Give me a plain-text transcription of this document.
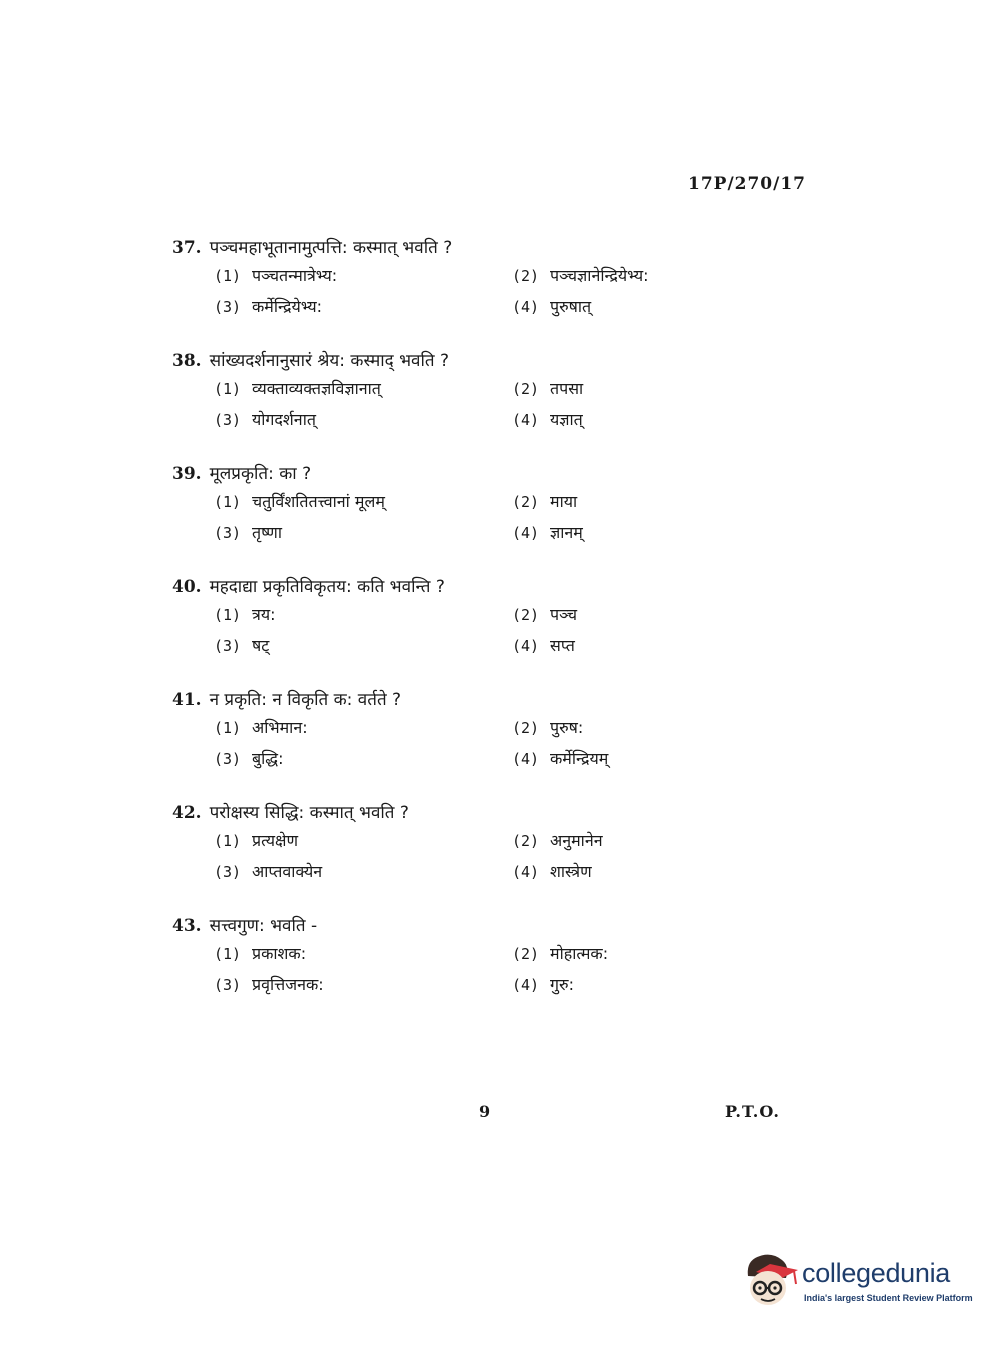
17P/270/17
37. पञ्चमहाभूतानामुत्पत्ति: कस्मात् भवति ?
(1) पञ्चतन्मात्रेभ्य:	(2) पञ्चज्ञानेन्द्रियेभ्य:
(3) कर्मेन्द्रियेभ्य:	(4) पुरुषात्
38. सांख्यदर्शनानुसारं श्रेय: कस्माद् भवति ?
(1) व्यक्ताव्यक्तज्ञविज्ञानात्	(2) तपसा
(3) योगदर्शनात्	(4) यज्ञात्
39. मूलप्रकृति: का ?
(1) चतुर्विंशतितत्त्वानां मूलम्	(2) माया
(3) तृष्णा	(4) ज्ञानम्
40. महदाद्या प्रकृतिविकृतय: कति भवन्ति ?
(1) त्रय:	(2) पञ्च
(3) षट्	(4) सप्त
41. न प्रकृति: न विकृति क: वर्तते ?
(1) अभिमान:	(2) पुरुष:
(3) बुद्धि:	(4) कर्मेन्द्रियम्
42. परोक्षस्य सिद्धि: कस्मात् भवति ?
(1) प्रत्यक्षेण	(2) अनुमानेन
(3) आप्तवाक्येन	(4) शास्त्रेण
43. सत्त्वगुण: भवति -
(1) प्रकाशक:	(2) मोहात्मक:
(3) प्रवृत्तिजनक:	(4) गुरु:
9	P.T.O.
collegedunia
India's largest Student Review Platform
